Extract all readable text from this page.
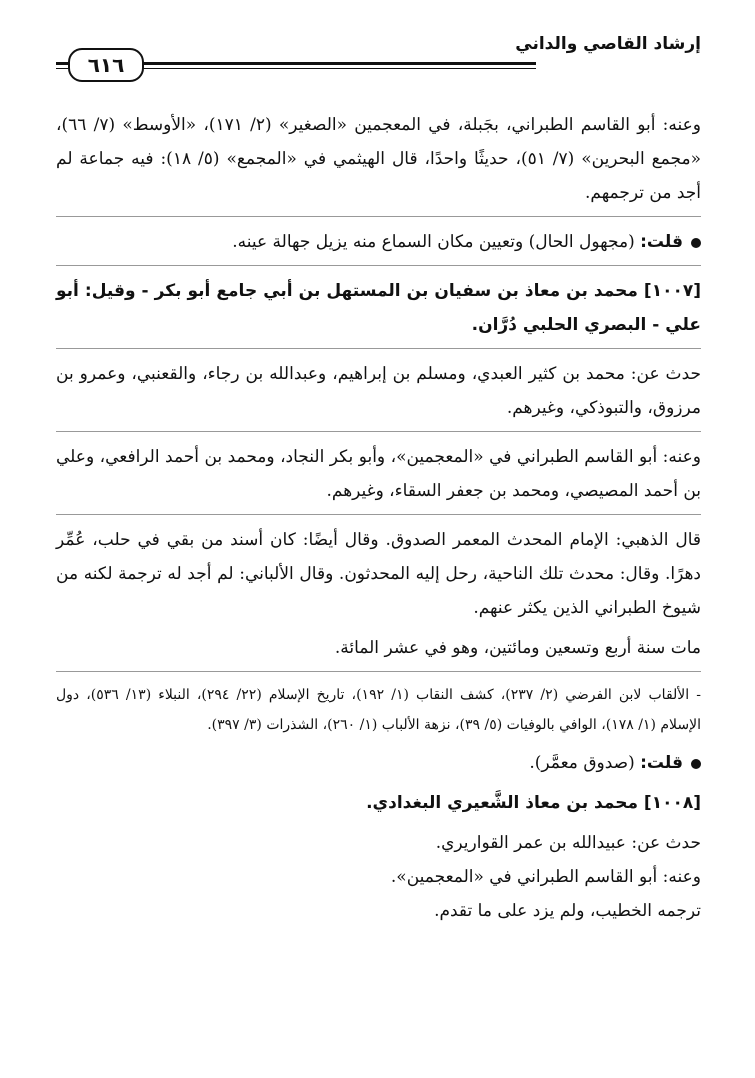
إرشاد القاصي والداني
٦١٦

وعنه: أبو القاسم الطبراني، بجَبلة، في المعجمين «الصغير» (٢/ ١٧١)، «الأوسط» (٧/ ٦٦)، «مجمع البحرين» (٧/ ٥١)، حديثًا واحدًا، قال الهيثمي في «المجمع» (٥/ ١٨): فيه جماعة لم أجد من ترجمهم.

قلت: (مجهول الحال) وتعيين مكان السماع منه يزيل جهالة عينه.

[١٠٠٧] محمد بن معاذ بن سفيان بن المستهل بن أبي جامع أبو بكر - وقيل: أبو علي - البصري الحلبي دُرَّان.

حدث عن: محمد بن كثير العبدي، ومسلم بن إبراهيم، وعبدالله بن رجاء، والقعنبي، وعمرو بن مرزوق، والتبوذكي، وغيرهم.

وعنه: أبو القاسم الطبراني في «المعجمين»، وأبو بكر النجاد، ومحمد بن أحمد الرافعي، وعلي بن أحمد المصيصي، ومحمد بن جعفر السقاء، وغيرهم.

قال الذهبي: الإمام المحدث المعمر الصدوق. وقال أيضًا: كان أسند من بقي في حلب، عُمِّر دهرًا. وقال: محدث تلك الناحية، رحل إليه المحدثون. وقال الألباني: لم أجد له ترجمة لكنه من شيوخ الطبراني الذين يكثر عنهم.

مات سنة أربع وتسعين ومائتين، وهو في عشر المائة.

- الألقاب لابن الفرضي (٢/ ٢٣٧)، كشف النقاب (١/ ١٩٢)، تاريخ الإسلام (٢٢/ ٢٩٤)، النبلاء (١٣/ ٥٣٦)، دول الإسلام (١/ ١٧٨)، الوافي بالوفيات (٥/ ٣٩)، نزهة الألباب (١/ ٢٦٠)، الشذرات (٣/ ٣٩٧).

قلت: (صدوق معمَّر).

[١٠٠٨] محمد بن معاذ الشَّعيري البغدادي.

حدث عن: عبيدالله بن عمر القواريري.

وعنه: أبو القاسم الطبراني في «المعجمين».

ترجمه الخطيب، ولم يزد على ما تقدم.
